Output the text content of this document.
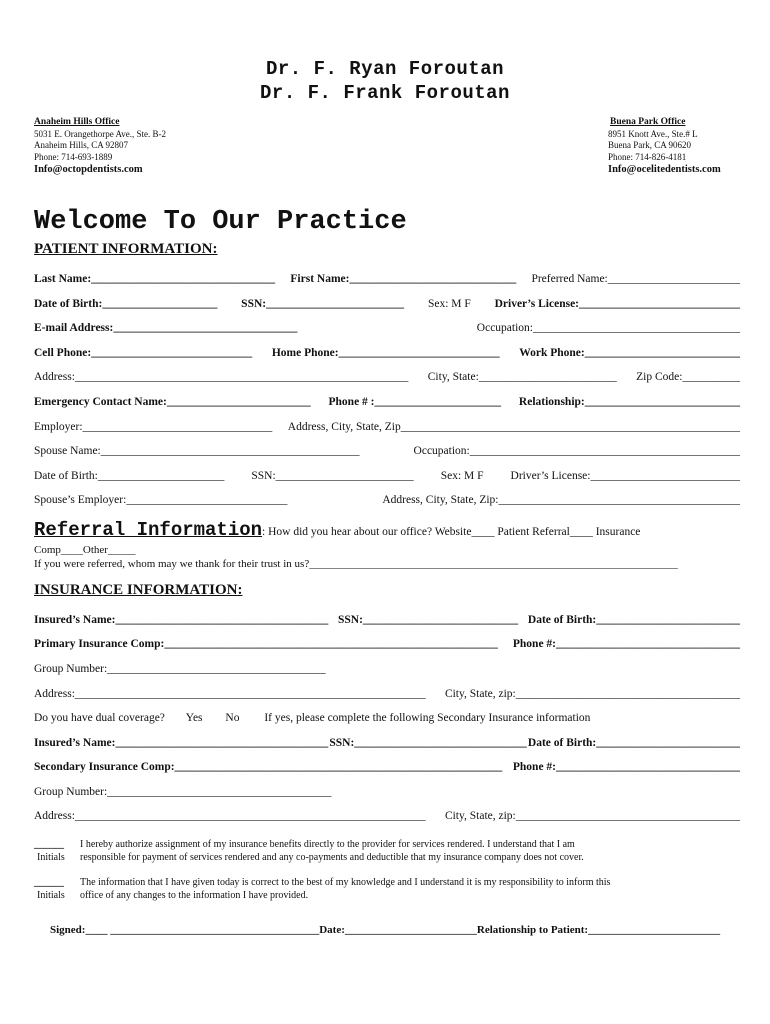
Dr. F. Ryan Foroutan
Dr. F. Frank Foroutan
Anaheim Hills Office
5031 E. Orangethorpe Ave., Ste. B-2
Anaheim Hills, CA 92807
Phone: 714-693-1889
Info@octopdentists.com
Buena Park Office
8951 Knott Ave., Ste.# L
Buena Park, CA 90620
Phone: 714-826-4181
Info@ocelitedentists.com
Welcome To Our Practice
PATIENT INFORMATION:
Last Name:________________________________ First Name:_____________________________ Preferred Name:_______________________
Date of Birth:____________________ SSN:________________________ Sex: M F Driver’s License:____________________________
E-mail Address:________________________________	Occupation:____________________________________
Cell Phone:____________________________ Home Phone:____________________________ Work Phone:___________________________
Address:__________________________________________________________ City, State:________________________ Zip Code:__________
Emergency Contact Name:_________________________ Phone # :______________________ Relationship:___________________________
Employer:_________________________________ Address, City, State, Zip___________________________________________________________
Spouse Name:_____________________________________________	Occupation:_______________________________________________
Date of Birth:______________________ SSN:________________________ Sex: M F Driver’s License:__________________________
Spouse’s Employer:____________________________	Address, City, State, Zip:__________________________________________
Referral Information: How did you hear about our office? Website____ Patient Referral____ Insurance
Comp____Other_____
If you were referred, whom may we thank for their trust in us?___________________________________________________________________
INSURANCE INFORMATION:
Insured’s Name:_____________________________________ SSN:___________________________ Date of Birth:_________________________
Primary Insurance Comp:__________________________________________________________ Phone #:________________________________
Group Number:______________________________________
Address:_____________________________________________________________ City, State, zip:_______________________________________
Do you have dual coverage? Yes No If yes, please complete the following Secondary Insurance information
Insured’s Name:_____________________________________ SSN:______________________________ Date of Birth:_________________________
Secondary Insurance Comp:_________________________________________________________ Phone #:________________________________
Group Number:_______________________________________
Address:_____________________________________________________________ City, State, zip:_______________________________________
______
Initials
I hereby authorize assignment of my insurance benefits directly to the provider for services rendered. I understand that I am
responsible for payment of services rendered and any co-payments and deductible that my insurance company does not cover.
______
Initials
The information that I have given today is correct to the best of my knowledge and I understand it is my responsibility to inform this
office of any changes to the information I have provided.
Signed:____ ______________________________________Date:________________________Relationship to Patient:________________________
